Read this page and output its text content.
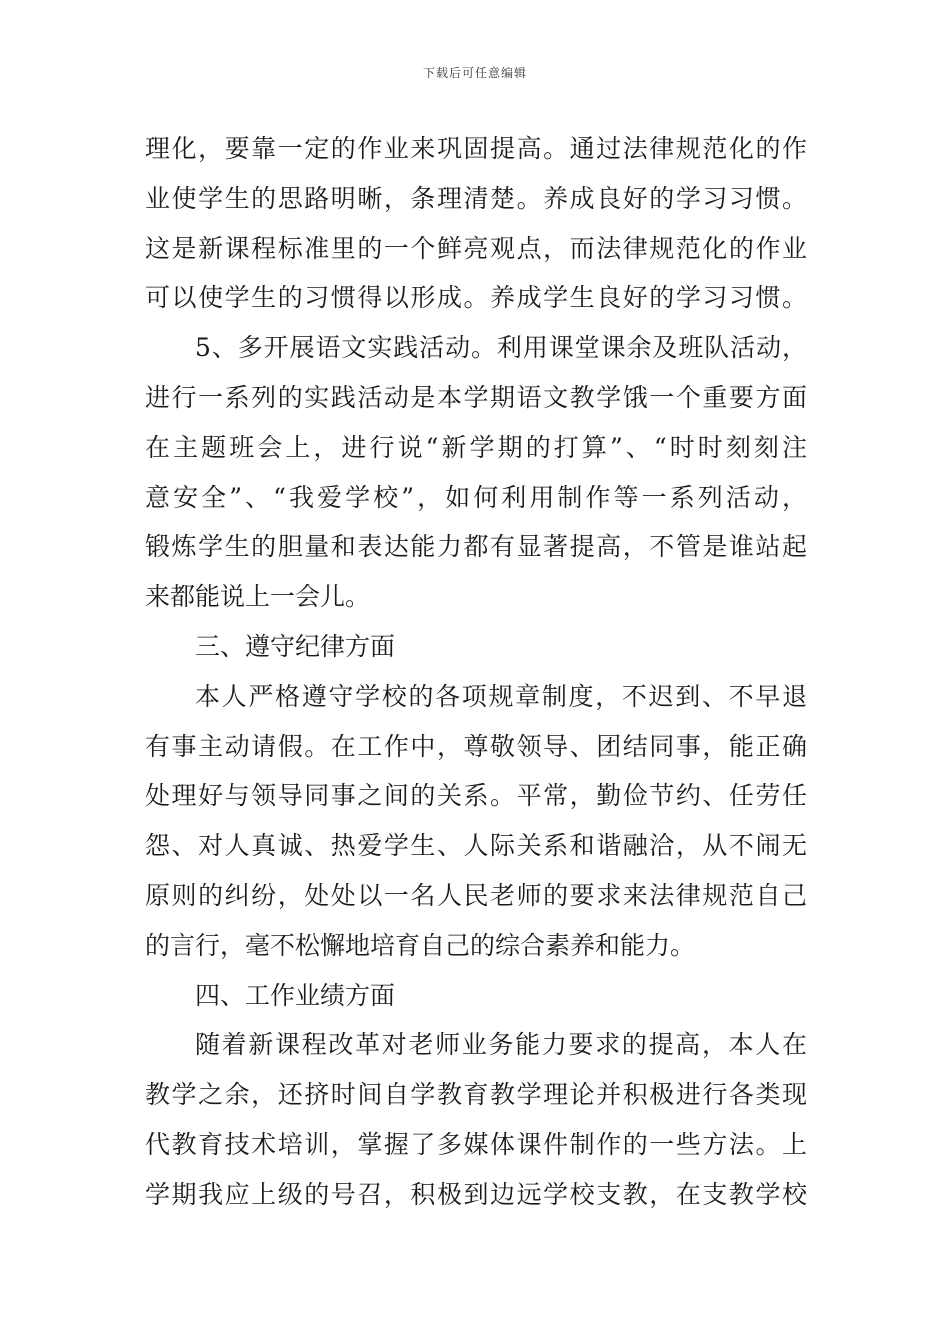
下载后可任意编辑
理化，要靠一定的作业来巩固提高。通过法律规范化的作
业使学生的思路明晰，条理清楚。养成良好的学习习惯。
这是新课程标准里的一个鲜亮观点，而法律规范化的作业
可以使学生的习惯得以形成。养成学生良好的学习习惯。
5、多开展语文实践活动。利用课堂课余及班队活动，
进行一系列的实践活动是本学期语文教学饿一个重要方面
在主题班会上，进行说“新学期的打算”、“时时刻刻注
意安全”、“我爱学校”，如何利用制作等一系列活动，
锻炼学生的胆量和表达能力都有显著提高，不管是谁站起
来都能说上一会儿。
三、遵守纪律方面
本人严格遵守学校的各项规章制度，不迟到、不早退
有事主动请假。在工作中，尊敬领导、团结同事，能正确
处理好与领导同事之间的关系。平常，勤俭节约、任劳任
怨、对人真诚、热爱学生、人际关系和谐融洽，从不闹无
原则的纠纷，处处以一名人民老师的要求来法律规范自己
的言行，毫不松懈地培育自己的综合素养和能力。
四、工作业绩方面
随着新课程改革对老师业务能力要求的提高，本人在
教学之余，还挤时间自学教育教学理论并积极进行各类现
代教育技术培训，掌握了多媒体课件制作的一些方法。上
学期我应上级的号召，积极到边远学校支教，在支教学校
